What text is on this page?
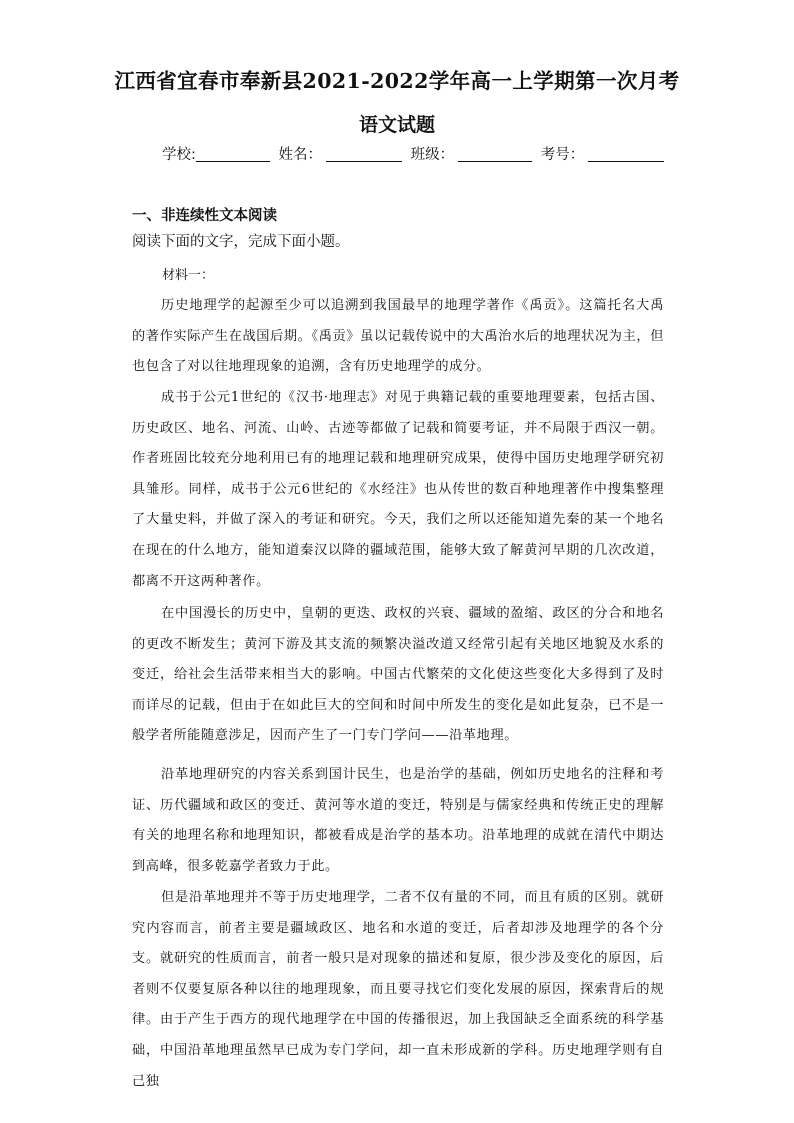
江西省宜春市奉新县2021-2022学年高一上学期第一次月考
语文试题
学校:	姓名：	班级：	考号：
一、非连续性文本阅读
阅读下面的文字，完成下面小题。
材料一：

历史地理学的起源至少可以追溯到我国最早的地理学著作《禹贡》。这篇托名大禹的著作实际产生在战国后期。《禹贡》虽以记载传说中的大禹治水后的地理状况为主，但也包含了对以往地理现象的追溯，含有历史地理学的成分。

成书于公元1世纪的《汉书·地理志》对见于典籍记载的重要地理要素，包括古国、历史政区、地名、河流、山岭、古迹等都做了记载和简要考证，并不局限于西汉一朝。作者班固比较充分地利用已有的地理记载和地理研究成果，使得中国历史地理学研究初具雏形。同样，成书于公元6世纪的《水经注》也从传世的数百种地理著作中搜集整理了大量史料，并做了深入的考证和研究。今天，我们之所以还能知道先秦的某一个地名在现在的什么地方，能知道秦汉以降的疆域范围，能够大致了解黄河早期的几次改道，都离不开这两种著作。

在中国漫长的历史中，皇朝的更迭、政权的兴衰、疆域的盈缩、政区的分合和地名的更改不断发生；黄河下游及其支流的频繁决溢改道又经常引起有关地区地貌及水系的变迁，给社会生活带来相当大的影响。中国古代繁荣的文化使这些变化大多得到了及时而详尽的记载，但由于在如此巨大的空间和时间中所发生的变化是如此复杂，已不是一般学者所能随意涉足，因而产生了一门专门学问——沿革地理。

沿革地理研究的内容关系到国计民生，也是治学的基础，例如历史地名的注释和考证、历代疆域和政区的变迁、黄河等水道的变迁，特别是与儒家经典和传统正史的理解有关的地理名称和地理知识，都被看成是治学的基本功。沿革地理的成就在清代中期达到高峰，很多乾嘉学者致力于此。

但是沿革地理并不等于历史地理学，二者不仅有量的不同，而且有质的区别。就研究内容而言，前者主要是疆域政区、地名和水道的变迁，后者却涉及地理学的各个分支。就研究的性质而言，前者一般只是对现象的描述和复原，很少涉及变化的原因，后者则不仅要复原各种以往的地理现象，而且要寻找它们变化发展的原因，探索背后的规律。由于产生于西方的现代地理学在中国的传播很迟，加上我国缺乏全面系统的科学基础，中国沿革地理虽然早已成为专门学问，却一直未形成新的学科。历史地理学则有自己独
